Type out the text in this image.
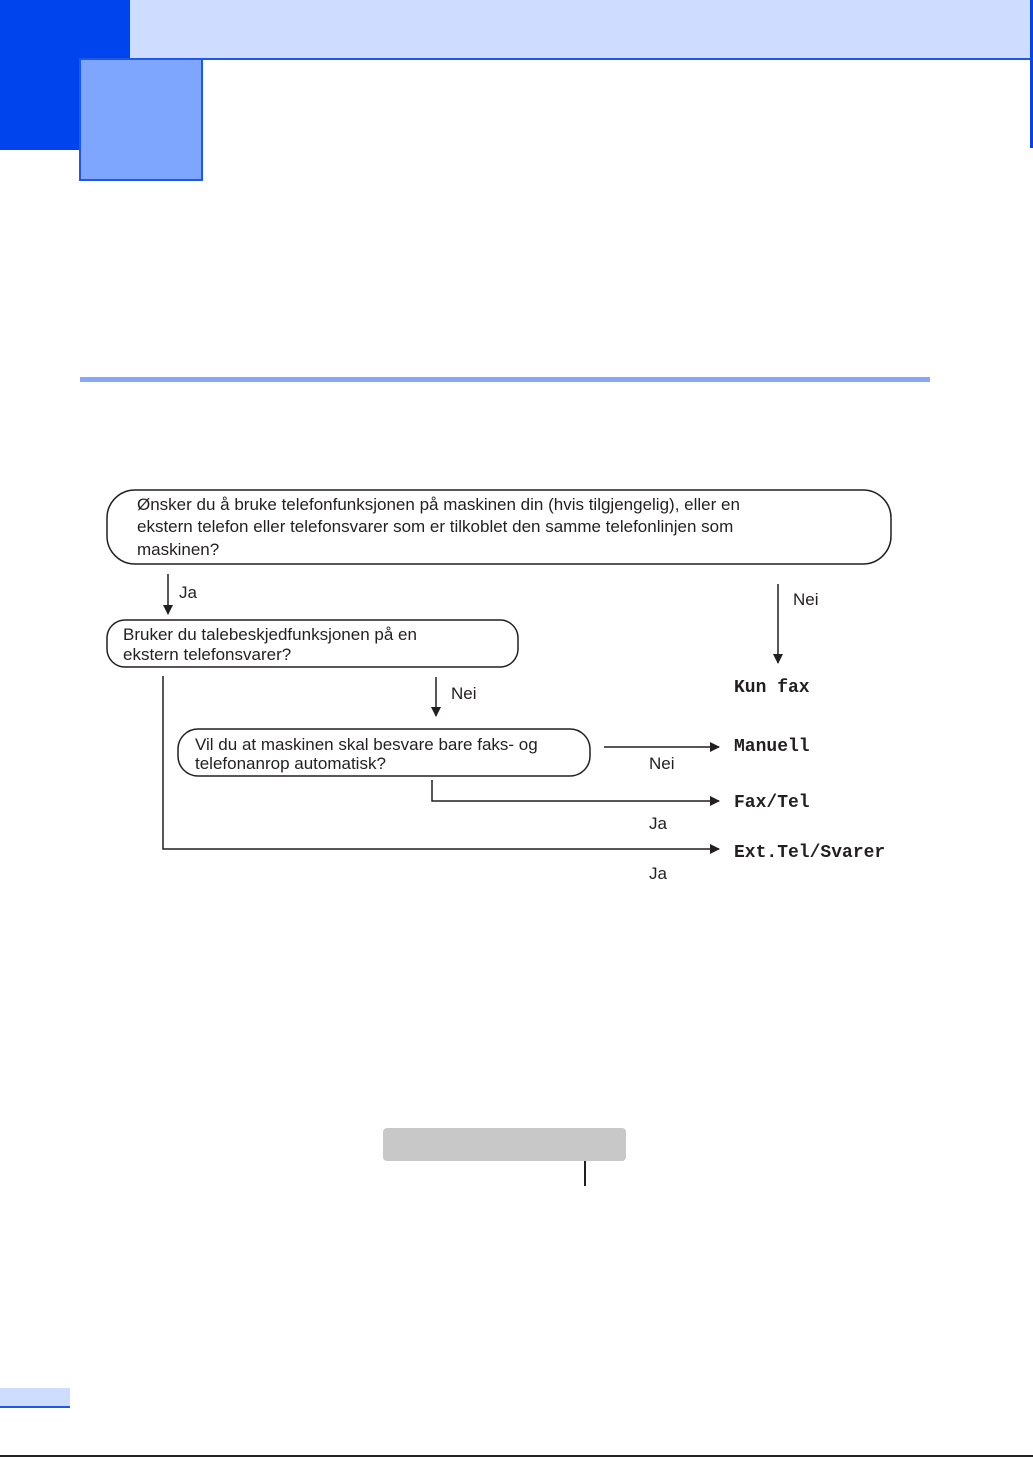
Ønsker du å bruke telefonfunksjonen på maskinen din (hvis tilgjengelig), eller en
ekstern telefon eller telefonsvarer som er tilkoblet den samme telefonlinjen som
maskinen?
Ja	Nei
Kun fax
Bruker du talebeskjedfunksjonen på en
ekstern telefonsvarer?
Nei
Vil du at maskinen skal besvare bare faks- og
telefonanrop automatisk?	Nei
Manuell
Ja
Fax/Tel
Ja
Ext.Tel/Svarer
